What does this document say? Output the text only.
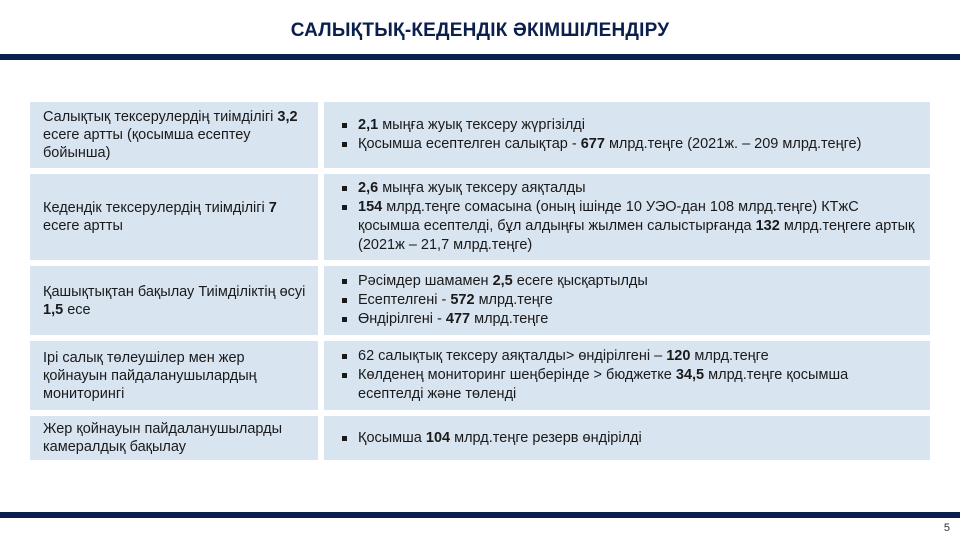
САЛЫҚТЫҚ-КЕДЕНДІК ӘКІМШІЛЕНДІРУ
Салықтық тексерулердің тиімділігі 3,2 есеге артты (қосымша есептеу бойынша)
2,1 мыңға жуық тексеру жүргізілді
Қосымша есептелген салықтар - 677 млрд.теңге (2021ж. – 209 млрд.теңге)
Кедендік тексерулердің тиімділігі 7 есеге артты
2,6 мыңға жуық тексеру аяқталды
154 млрд.теңге сомасына (оның ішінде 10 УЭО-дан 108 млрд.теңге) КТжС қосымша есептелді, бұл алдыңғы жылмен салыстырғанда 132 млрд.теңгеге артық (2021ж – 21,7 млрд.теңге)
Қашықтықтан бақылау Тиімділіктің өсуі 1,5 есе
Рәсімдер шамамен 2,5 есеге қысқартылды
Есептелгені - 572 млрд.теңге
Өндірілгені - 477 млрд.теңге
Ірі салық төлеушілер мен жер қойнауын пайдаланушылардың мониторингі
62 салықтық тексеру аяқталды> өндірілгені – 120 млрд.теңге
Көлденең мониторинг шеңберінде > бюджетке 34,5 млрд.теңге қосымша есептелді және төленді
Жер қойнауын пайдаланушыларды камералдық бақылау
Қосымша 104 млрд.теңге резерв өндірілді
5
